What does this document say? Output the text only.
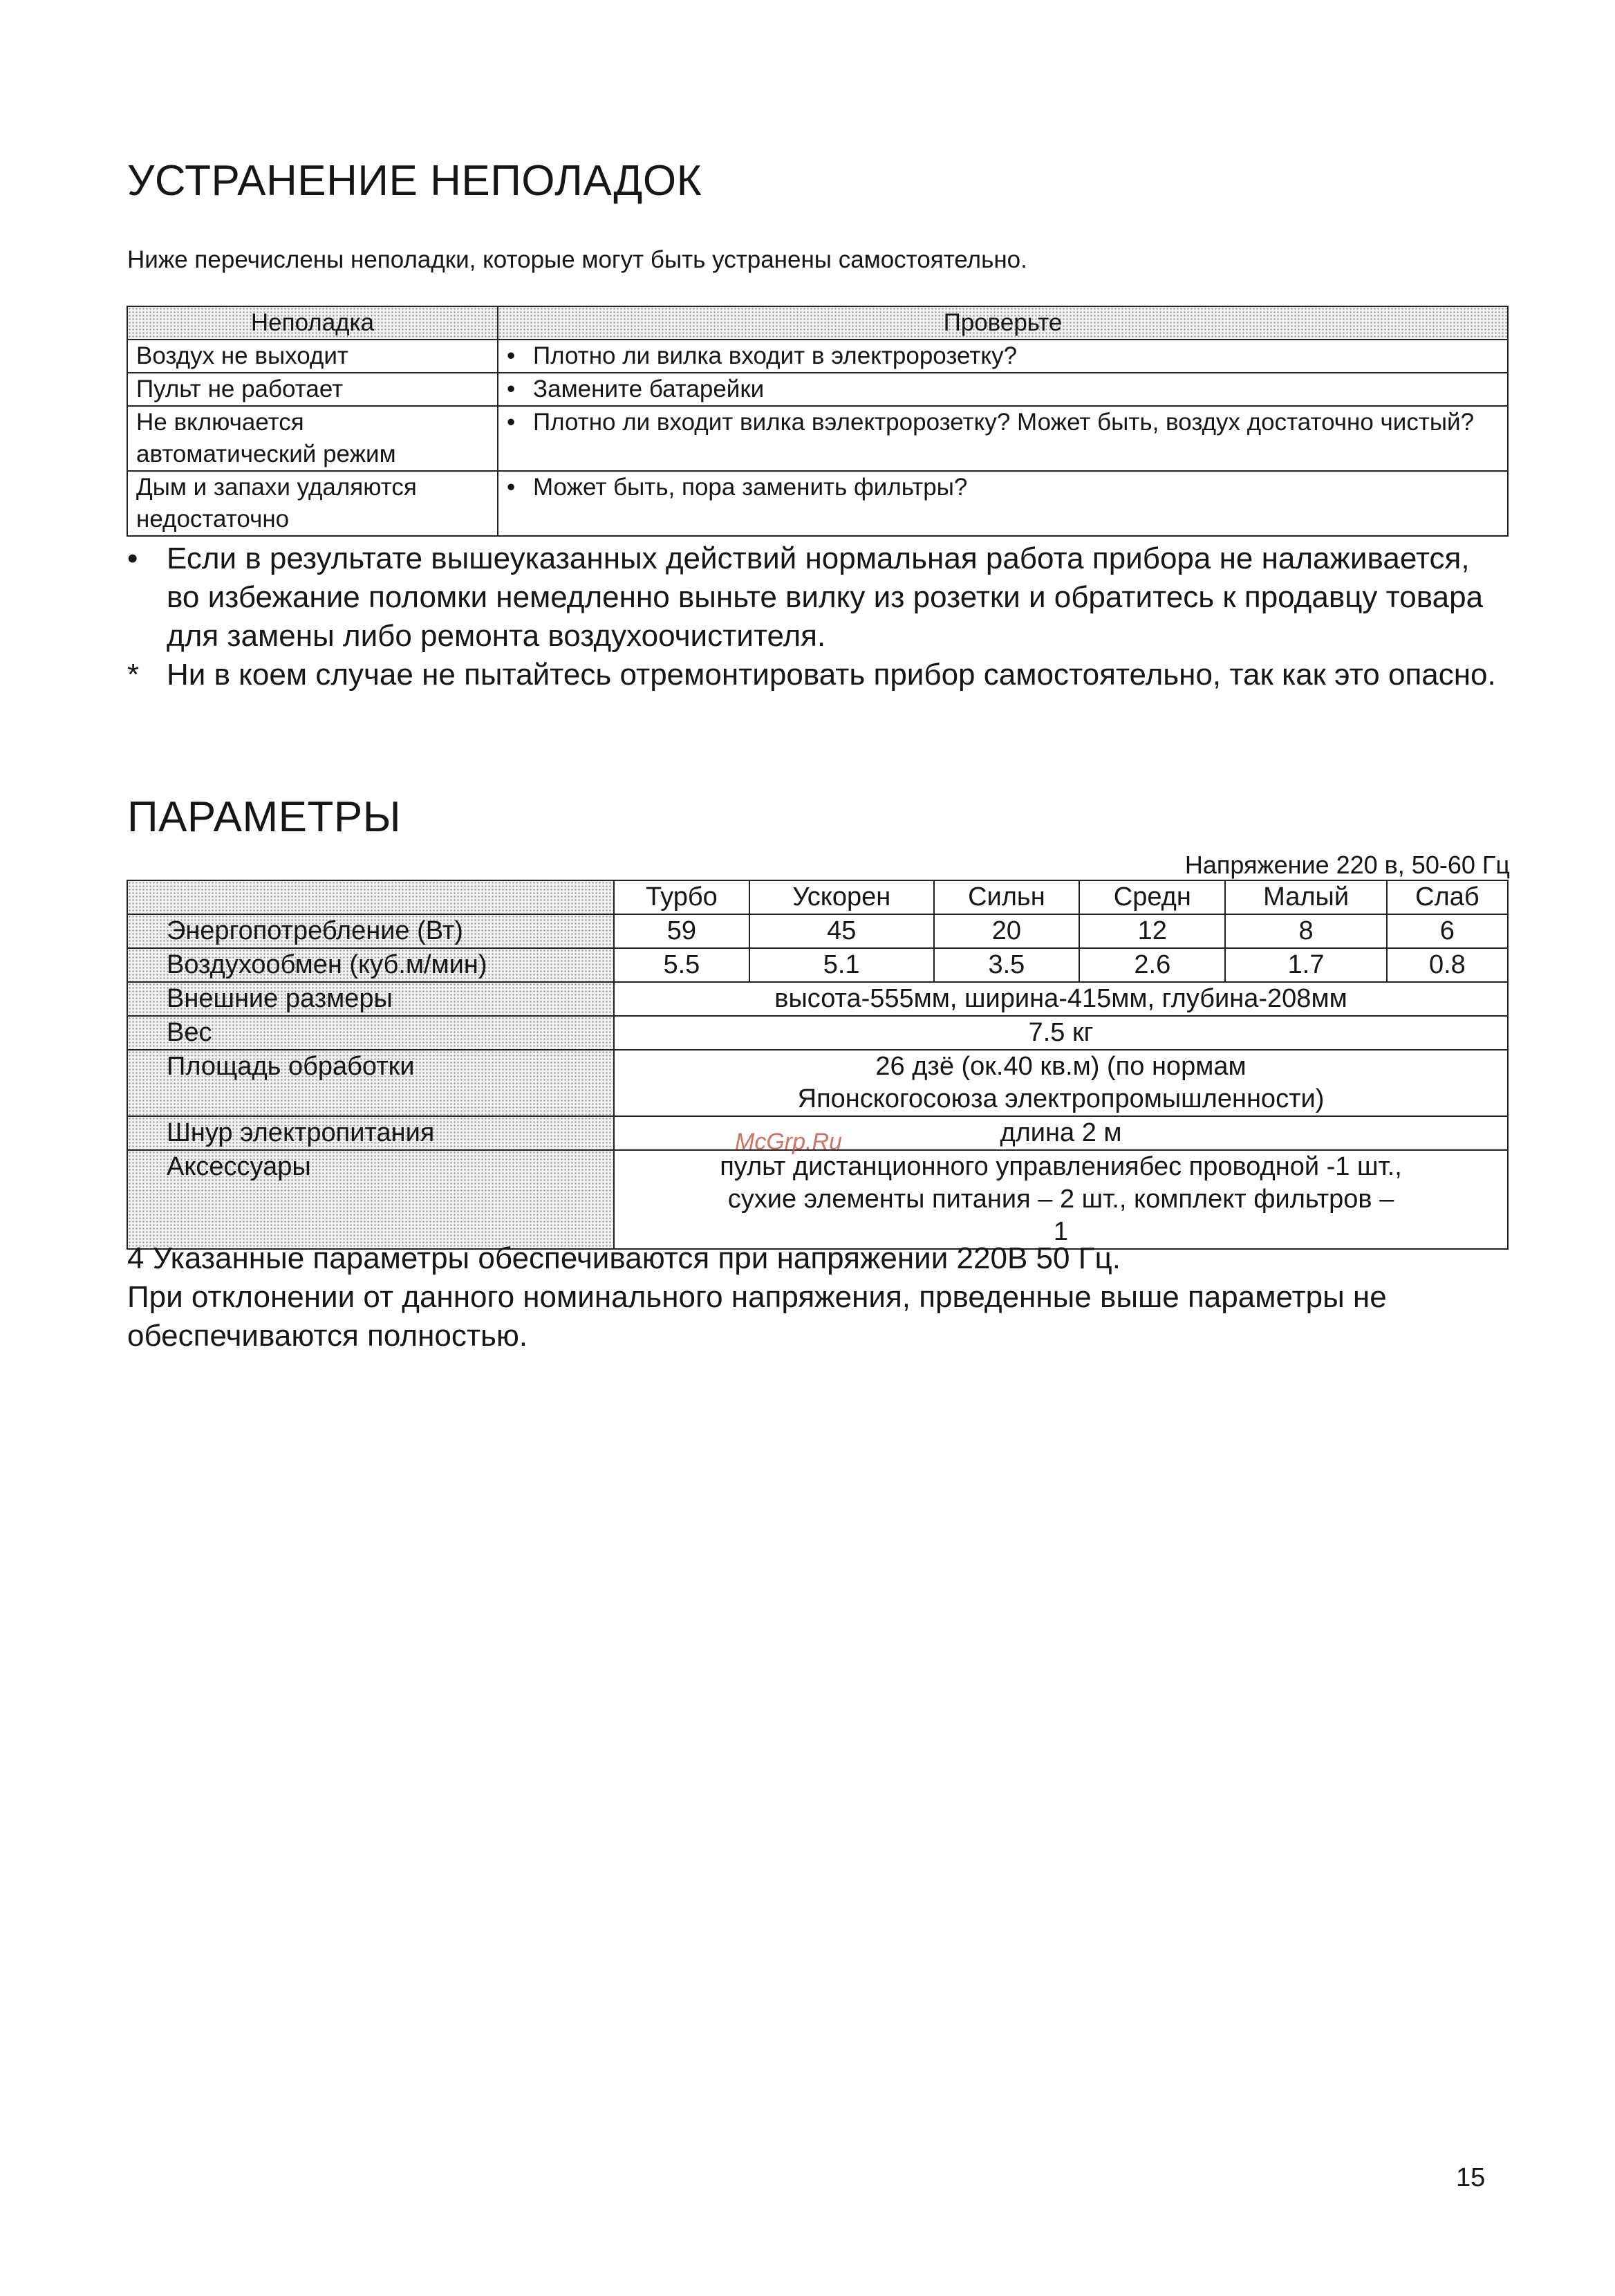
УСТРАНЕНИЕ НЕПОЛАДОК
Ниже перечислены неполадки, которые могут быть устранены самостоятельно.
Неполадка	Проверьте
Воздух не выходит	• Плотно ли вилка входит в электророзетку?

Пульт не работает	• Замените батарейки

Не включается автоматический режим	• Плотно ли входит вилка вэлектророзетку? Может быть, воздух достаточно чистый?

Дым и запахи удаляются недостаточно	• Может быть, пора заменить фильтры?

• Если в результате вышеуказанных действий нормальная работа прибора не налаживается, во избежание поломки немедленно выньте вилку из розетки и обратитесь к продавцу товара для замены либо ремонта воздухоочистителя.

* Ни в коем случае не пытайтесь отремонтировать прибор самостоятельно, так как это опасно.

ПАРАМЕТРЫ
Напряжение 220 в, 50-60 Гц
	Турбо	Ускорен	Сильн	Средн	Малый	Слаб
Энергопотребление (Вт)	59	45	20	12	8	6
Воздухообмен (куб.м/мин)	5.5	5.1	3.5	2.6	1.7	0.8
Внешние размеры	высота-555мм, ширина-415мм, глубина-208мм					
Вес	7.5 кг					
Площадь обработки	26 дзё (ок.40 кв.м) (по нормам Японскогосоюза электропромышленности)					
Шнур электропитания	длина 2 м					
Аксессуары	пульт дистанционного управлениябес проводной -1 шт., сухие элементы питания – 2 шт., комплект фильтров – 1					

4 Указанные параметры обеспечиваются при напряжении 220В 50 Гц.

При отклонении от данного номинального напряжения, прведенные выше параметры не обеспечиваются полностью.

McGrp.Ru
15
